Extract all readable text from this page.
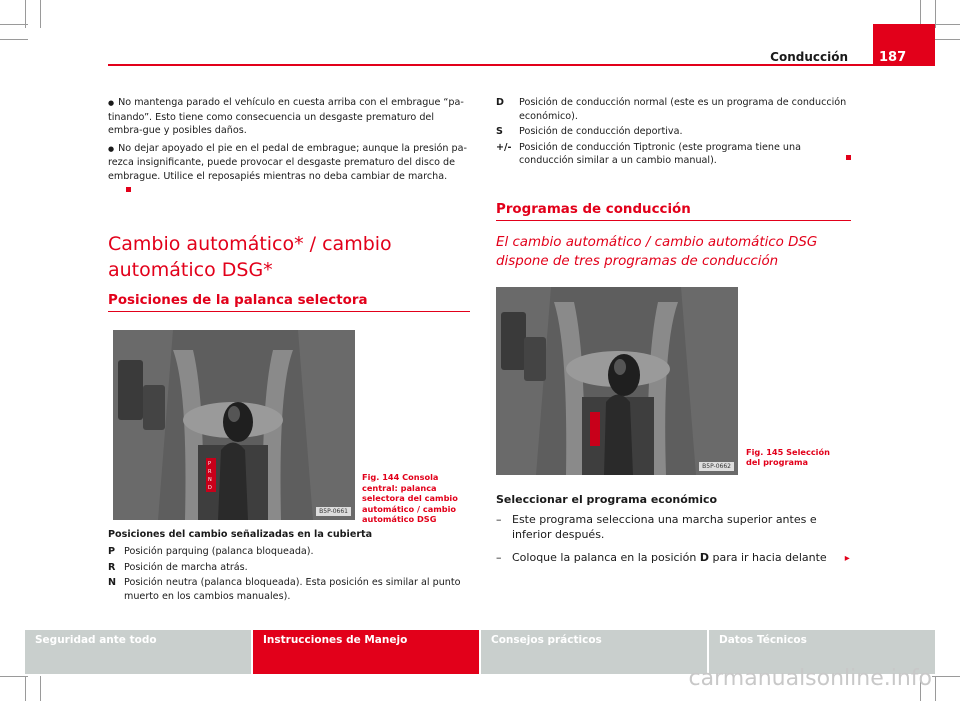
Conducción	187
● No mantenga parado el vehículo en cuesta arriba con el embrague “pa-tinando”. Esto tiene como consecuencia un desgaste prematuro del embra-gue y posibles daños.
● No dejar apoyado el pie en el pedal de embrague; aunque la presión pa-rezca insignificante, puede provocar el desgaste prematuro del disco de embrague. Utilice el reposapiés mientras no deba cambiar de marcha.
Cambio automático* / cambio automático DSG*
Posiciones de la palanca selectora
P
R
N
D
B5P-0661
Fig. 144 Consola central: palanca selectora del cambio automático / cambio automático DSG
Posiciones del cambio señalizadas en la cubierta
P Posición parquing (palanca bloqueada).
R Posición de marcha atrás.
N Posición neutra (palanca bloqueada). Esta posición es similar al punto muerto en los cambios manuales).
D	Posición de conducción normal (este es un programa de conducción económico).
S	Posición de conducción deportiva.
+/- Posición de conducción Tiptronic (este programa tiene una conducción similar a un cambio manual).
Programas de conducción
El cambio automático / cambio automático DSG dispone de tres programas de conducción
B5P-0662
Fig. 145 Selección del programa
Seleccionar el programa económico
– Este programa selecciona una marcha superior antes e inferior después.
– Coloque la palanca en la posición D para ir hacia delante ▸
Seguridad ante todo	Instrucciones de Manejo	Consejos prácticos	Datos Técnicos
carmanualsonline.info
